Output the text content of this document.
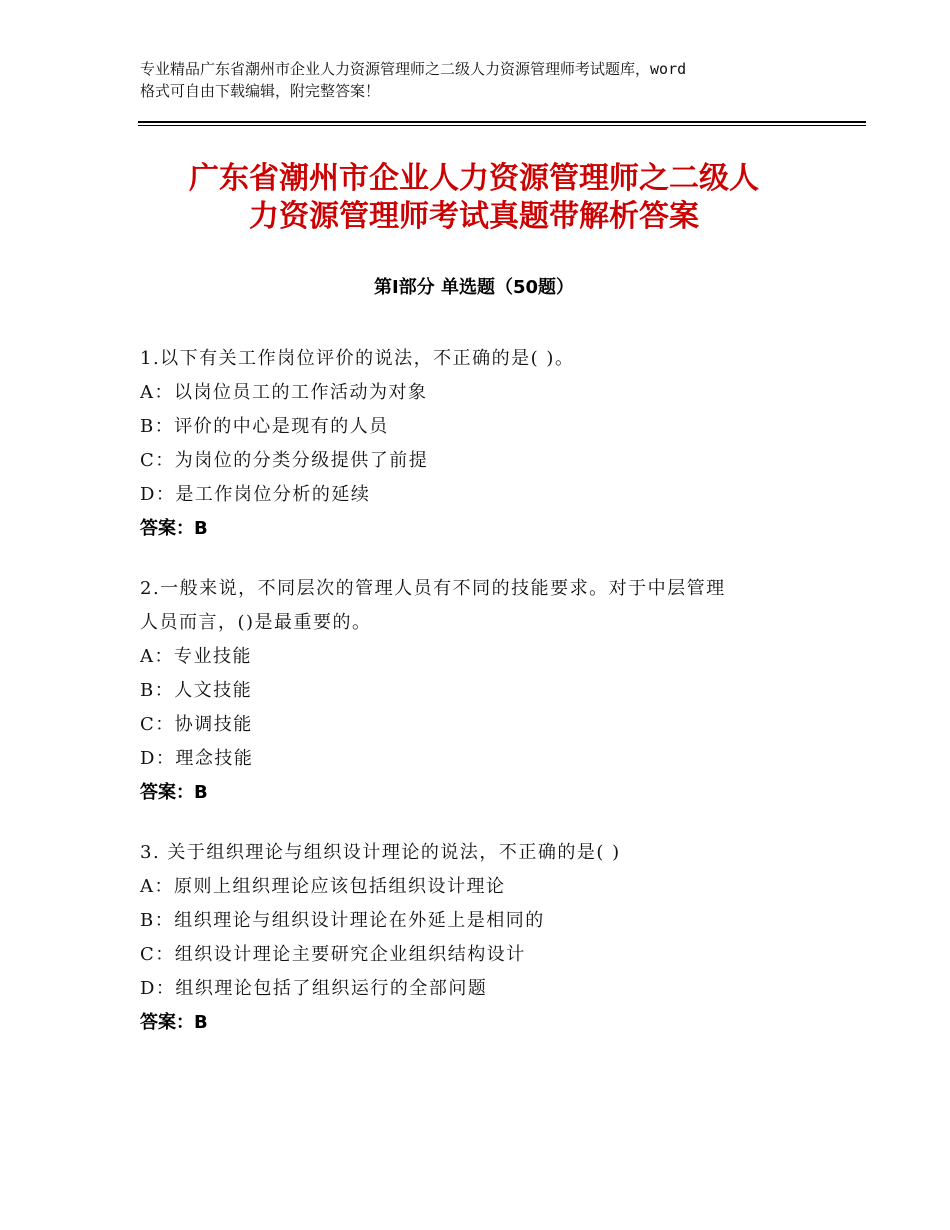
专业精品广东省潮州市企业人力资源管理师之二级人力资源管理师考试题库，word
格式可自由下载编辑，附完整答案！
广东省潮州市企业人力资源管理师之二级人
力资源管理师考试真题带解析答案
第Ⅰ部分 单选题（50题）
1.以下有关工作岗位评价的说法，不正确的是( )。
A：以岗位员工的工作活动为对象
B：评价的中心是现有的人员
C：为岗位的分类分级提供了前提
D：是工作岗位分析的延续
答案：B
2.一般来说，不同层次的管理人员有不同的技能要求。对于中层管理
人员而言，()是最重要的。
A：专业技能
B：人文技能
C：协调技能
D：理念技能
答案：B
3. 关于组织理论与组织设计理论的说法，不正确的是( )
A：原则上组织理论应该包括组织设计理论
B：组织理论与组织设计理论在外延上是相同的
C：组织设计理论主要研究企业组织结构设计
D：组织理论包括了组织运行的全部问题
答案：B
